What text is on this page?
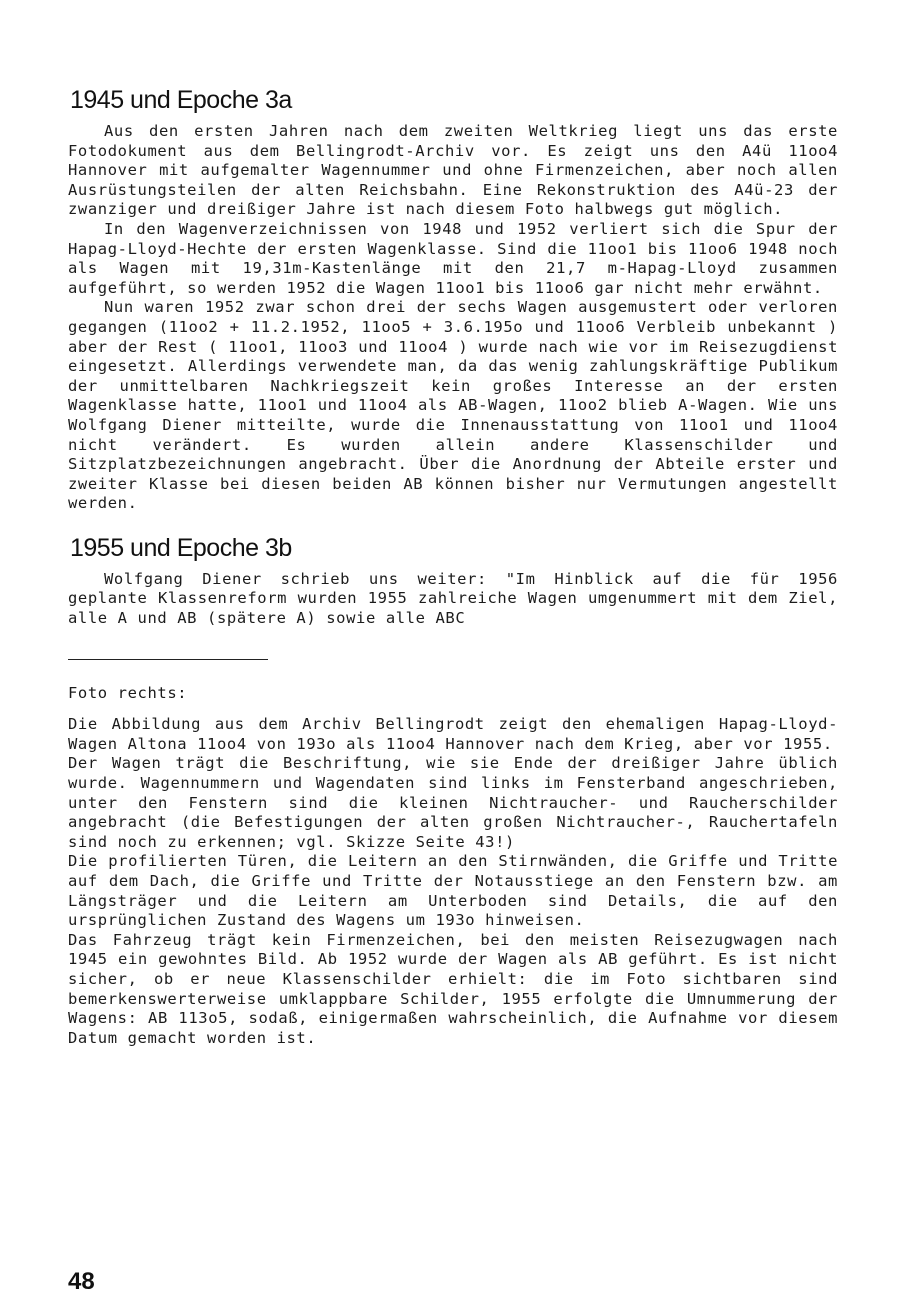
1945 und Epoche 3a

Aus den ersten Jahren nach dem zweiten Weltkrieg liegt uns das erste Fotodokument aus dem Bellingrodt-Archiv vor. Es zeigt uns den A4ü 11oo4 Hannover mit aufgemalter Wagennummer und ohne Firmenzeichen, aber noch allen Ausrüstungsteilen der alten Reichsbahn. Eine Rekonstruktion des A4ü-23 der zwanziger und dreißiger Jahre ist nach diesem Foto halbwegs gut möglich.

In den Wagenverzeichnissen von 1948 und 1952 verliert sich die Spur der Hapag-Lloyd-Hechte der ersten Wagenklasse. Sind die 11oo1 bis 11oo6 1948 noch als Wagen mit 19,31m-Kastenlänge mit den 21,7 m-Hapag-Lloyd zusammen aufgeführt, so werden 1952 die Wagen 11oo1 bis 11oo6 gar nicht mehr erwähnt.

Nun waren 1952 zwar schon drei der sechs Wagen ausgemustert oder verloren gegangen (11oo2 + 11.2.1952, 11oo5 + 3.6.195o und 11oo6 Verbleib unbekannt ) aber der Rest ( 11oo1, 11oo3 und 11oo4 ) wurde nach wie vor im Reisezugdienst eingesetzt. Allerdings verwendete man, da das wenig zahlungskräftige Publikum der unmittelbaren Nachkriegszeit kein großes Interesse an der ersten Wagenklasse hatte, 11oo1 und 11oo4 als AB-Wagen, 11oo2 blieb A-Wagen. Wie uns Wolfgang Diener mitteilte, wurde die Innenausstattung von 11oo1 und 11oo4 nicht verändert. Es wurden allein andere Klassenschilder und Sitzplatzbezeichnungen angebracht. Über die Anordnung der Abteile erster und zweiter Klasse bei diesen beiden AB können bisher nur Vermutungen angestellt werden.

1955 und Epoche 3b

Wolfgang Diener schrieb uns weiter: "Im Hinblick auf die für 1956 geplante Klassenreform wurden 1955 zahlreiche Wagen umgenummert mit dem Ziel, alle A und AB (spätere A) sowie alle ABC

Foto rechts:

Die Abbildung aus dem Archiv Bellingrodt zeigt den ehemaligen Hapag-Lloyd-Wagen Altona 11oo4 von 193o als 11oo4 Hannover nach dem Krieg, aber vor 1955.

Der Wagen trägt die Beschriftung, wie sie Ende der dreißiger Jahre üblich wurde. Wagennummern und Wagendaten sind links im Fensterband angeschrieben, unter den Fenstern sind die kleinen Nichtraucher- und Raucherschilder angebracht (die Befestigungen der alten großen Nichtraucher-, Rauchertafeln sind noch zu erkennen; vgl. Skizze Seite 43!)

Die profilierten Türen, die Leitern an den Stirnwänden, die Griffe und Tritte auf dem Dach, die Griffe und Tritte der Notausstiege an den Fenstern bzw. am Längsträger und die Leitern am Unterboden sind Details, die auf den ursprünglichen Zustand des Wagens um 193o hinweisen.

Das Fahrzeug trägt kein Firmenzeichen, bei den meisten Reisezugwagen nach 1945 ein gewohntes Bild. Ab 1952 wurde der Wagen als AB geführt. Es ist nicht sicher, ob er neue Klassenschilder erhielt: die im Foto sichtbaren sind bemerkenswerterweise umklappbare Schilder, 1955 erfolgte die Umnummerung der Wagens: AB 113o5, sodaß, einigermaßen wahrscheinlich, die Aufnahme vor diesem Datum gemacht worden ist.

48
